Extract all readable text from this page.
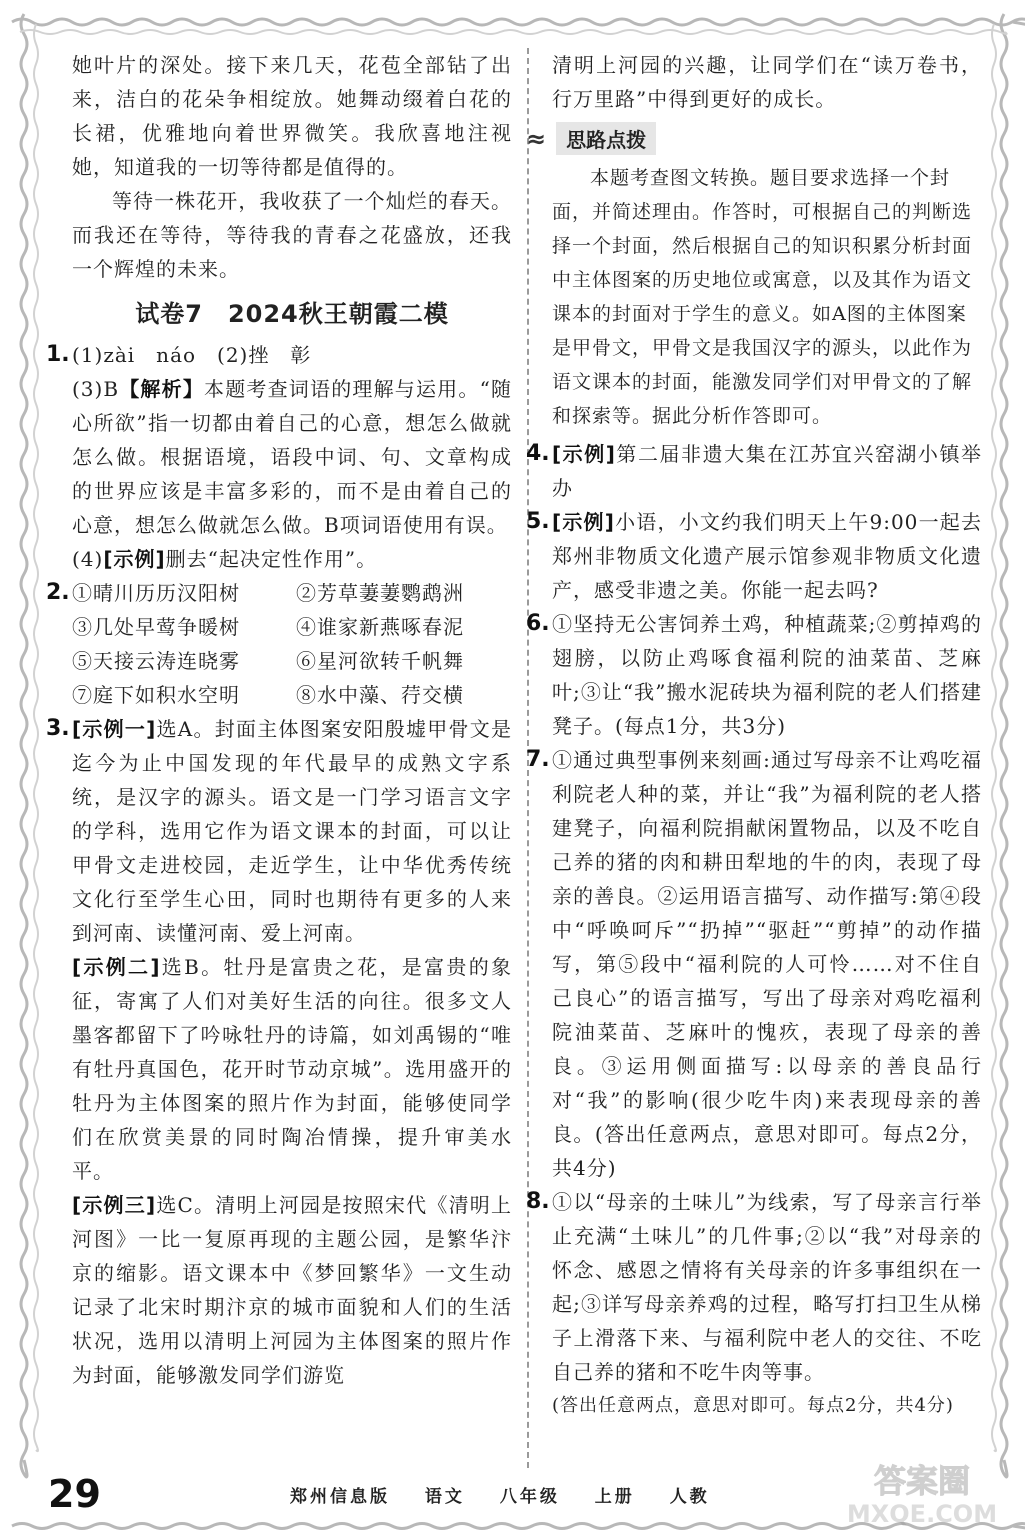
她叶片的深处。接下来几天，花苞全部钻了出来，洁白的花朵争相绽放。她舞动缀着白花的长裙，优雅地向着世界微笑。我欣喜地注视她，知道我的一切等待都是值得的。

等待一株花开，我收获了一个灿烂的春天。而我还在等待，等待我的青春之花盛放，还我一个辉煌的未来。

试卷7　2024秋王朝霞二模
1. (1)zài　náo　(2)挫　彰

(3)B【解析】本题考查词语的理解与运用。“随心所欲”指一切都由着自己的心意，想怎么做就怎么做。根据语境，语段中词、句、文章构成的世界应该是丰富多彩的，而不是由着自己的心意，想怎么做就怎么做。B项词语使用有误。

(4)[示例]删去“起决定性作用”。

2. ①晴川历历汉阳树	②芳草萋萋鹦鹉洲
③几处早莺争暖树	④谁家新燕啄春泥
⑤天接云涛连晓雾	⑥星河欲转千帆舞
⑦庭下如积水空明	⑧水中藻、荇交横
3. [示例一]选A。封面主体图案安阳殷墟甲骨文是迄今为止中国发现的年代最早的成熟文字系统，是汉字的源头。语文是一门学习语言文字的学科，选用它作为语文课本的封面，可以让甲骨文走进校园，走近学生，让中华优秀传统文化行至学生心田，同时也期待有更多的人来到河南、读懂河南、爱上河南。

[示例二]选B。牡丹是富贵之花，是富贵的象征，寄寓了人们对美好生活的向往。很多文人墨客都留下了吟咏牡丹的诗篇，如刘禹锡的“唯有牡丹真国色，花开时节动京城”。选用盛开的牡丹为主体图案的照片作为封面，能够使同学们在欣赏美景的同时陶冶情操，提升审美水平。

[示例三]选C。清明上河园是按照宋代《清明上河图》一比一复原再现的主题公园，是繁华汴京的缩影。语文课本中《梦回繁华》一文生动记录了北宋时期汴京的城市面貌和人们的生活状况，选用以清明上河园为主体图案的照片作为封面，能够激发同学们游览

清明上河园的兴趣，让同学们在“读万卷书，行万里路”中得到更好的成长。

≈	思路点拨

本题考查图文转换。题目要求选择一个封面，并简述理由。作答时，可根据自己的判断选择一个封面，然后根据自己的知识积累分析封面中主体图案的历史地位或寓意，以及其作为语文课本的封面对于学生的意义。如A图的主体图案是甲骨文，甲骨文是我国汉字的源头，以此作为语文课本的封面，能激发同学们对甲骨文的了解和探索等。据此分析作答即可。

4. [示例]第二届非遗大集在江苏宜兴窑湖小镇举办

5. [示例]小语，小文约我们明天上午9:00一起去郑州非物质文化遗产展示馆参观非物质文化遗产，感受非遗之美。你能一起去吗?

6. ①坚持无公害饲养土鸡，种植蔬菜;②剪掉鸡的翅膀，以防止鸡啄食福利院的油菜苗、芝麻叶;③让“我”搬水泥砖块为福利院的老人们搭建凳子。(每点1分，共3分)

7. ①通过典型事例来刻画:通过写母亲不让鸡吃福利院老人种的菜，并让“我”为福利院的老人搭建凳子，向福利院捐献闲置物品，以及不吃自己养的猪的肉和耕田犁地的牛的肉，表现了母亲的善良。②运用语言描写、动作描写:第④段中“呼唤呵斥”“扔掉”“驱赶”“剪掉”的动作描写，第⑤段中“福利院的人可怜……对不住自己良心”的语言描写，写出了母亲对鸡吃福利院油菜苗、芝麻叶的愧疚，表现了母亲的善良。③运用侧面描写:以母亲的善良品行对“我”的影响(很少吃牛肉)来表现母亲的善良。(答出任意两点，意思对即可。每点2分，共4分)

8. ①以“母亲的土味儿”为线索，写了母亲言行举止充满“土味儿”的几件事;②以“我”对母亲的怀念、感恩之情将有关母亲的许多事组织在一起;③详写母亲养鸡的过程，略写打扫卫生从梯子上滑落下来、与福利院中老人的交往、不吃自己养的猪和不吃牛肉等事。

(答出任意两点，意思对即可。每点2分，共4分)

29	郑州信息版 语文 八年级 上册 人教	答案圈
MXQE.COM
